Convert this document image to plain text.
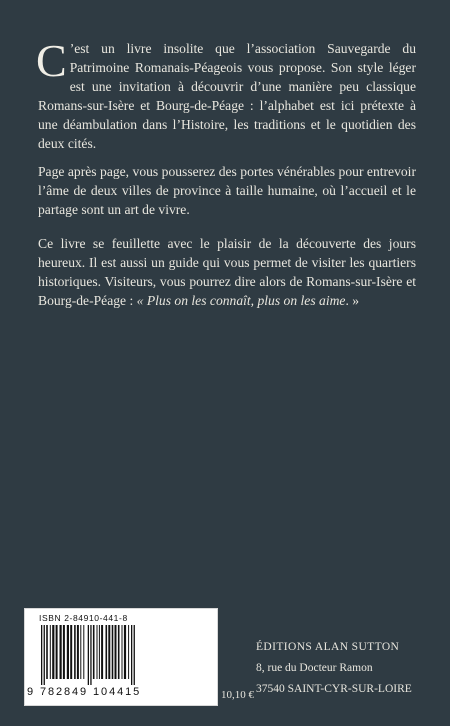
C ’est un livre insolite que l’association Sauvegarde du Patrimoine Romanais-Péageois vous propose. Son style léger est une invitation à découvrir d’une manière peu classique Romans-sur-Isère et Bourg-de-Péage : l’alphabet est ici prétexte à une déambulation dans l’Histoire, les traditions et le quotidien des deux cités.
Page après page, vous pousserez des portes vénérables pour entrevoir l’âme de deux villes de province à taille humaine, où l’accueil et le partage sont un art de vivre.
Ce livre se feuillette avec le plaisir de la découverte des jours heureux. Il est aussi un guide qui vous permet de visiter les quartiers historiques. Visiteurs, vous pourrez dire alors de Romans-sur-Isère et Bourg-de-Péage : « Plus on les connaît, plus on les aime. »
ISBN 2-84910-441-8
9 782849 104415	10,10 €
ÉDITIONS ALAN SUTTON
8, rue du Docteur Ramon
37540 SAINT-CYR-SUR-LOIRE
